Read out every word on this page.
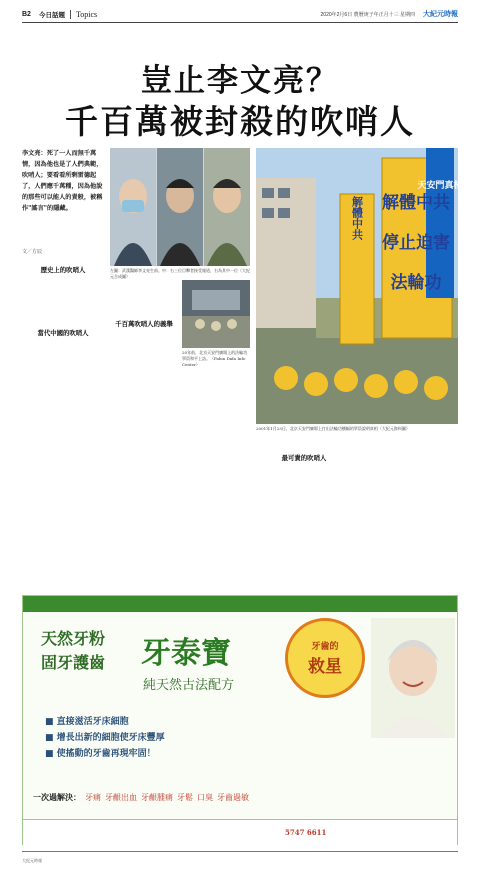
B2 今日話題 Topics	2020年2月6日 農曆庚子年正月十三 星期四 大紀元時報
豈止李文亮？
千百萬被封殺的吹哨人
李文亮：死了一人而無千萬情，因為他也是了人們典範，吹哨人；要看看所剩雷德起了，人們應千萬種，因為他說的那些可以能人的責般，被稱作"謠言"的隱藏。
文／方辰
歷史上的吹哨人

當代中國的吹哨人

左圖：武漢醫師李文亮生前。中：右三位目擊者接受報道，右為其中一位（大紀元合成圖）
解體中共 解體中共
停止迫害
法輪功
天安門真相
2001年1月23日，北京天安門廣場上打出法輪功橫幅的學員說明真相（大紀元資料圖）

千百萬吹哨人的義舉

20年前，北京天安門廣場上的法輪功學員和平上訪。（Falun Dafa Info Center）

最可貴的吹哨人

天然牙粉
固牙護齒 牙泰寶
純天然古法配方
牙齒的
救星
■ 直接滋活牙床細胞
■ 增長出新的細胞使牙床豐厚
■ 使搖動的牙齒再現牢固！
一次過解決： 牙痛 牙齦出血 牙齦腫痛 牙鬆 口臭 牙齒過敏
5747 6611
大紀元時報
